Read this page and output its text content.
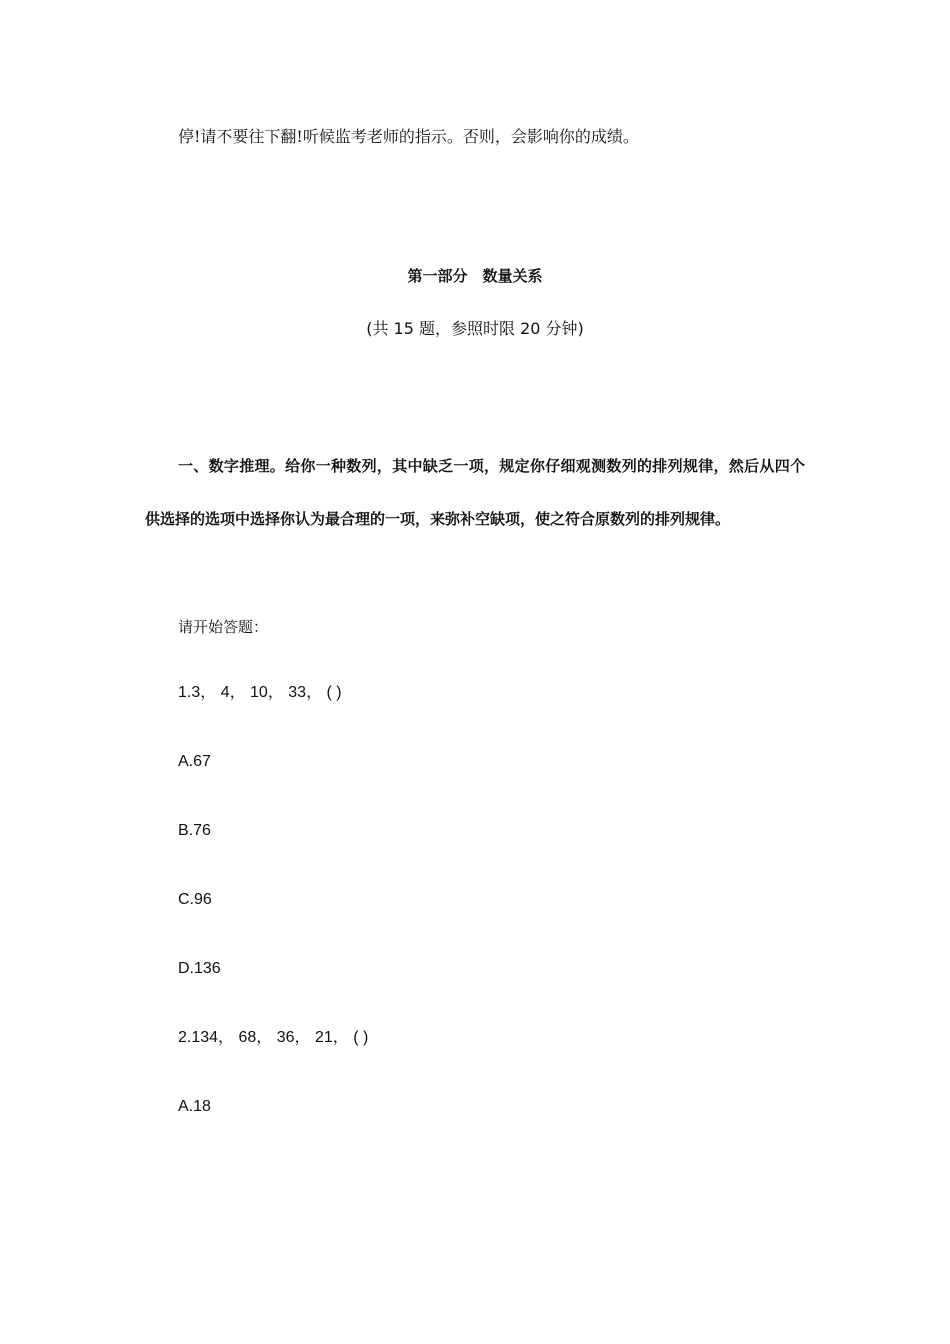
停!请不要往下翻!听候监考老师的指示。否则，会影响你的成绩。
第一部分　数量关系
(共 15 题，参照时限 20 分钟)
一、数字推理。给你一种数列，其中缺乏一项，规定你仔细观测数列的排列规律，然后从四个供选择的选项中选择你认为最合理的一项，来弥补空缺项，使之符合原数列的排列规律。
请开始答题：
1.3， 4， 10， 33， ( )
A.67
B.76
C.96
D.136
2.134， 68， 36， 21， ( )
A.18
